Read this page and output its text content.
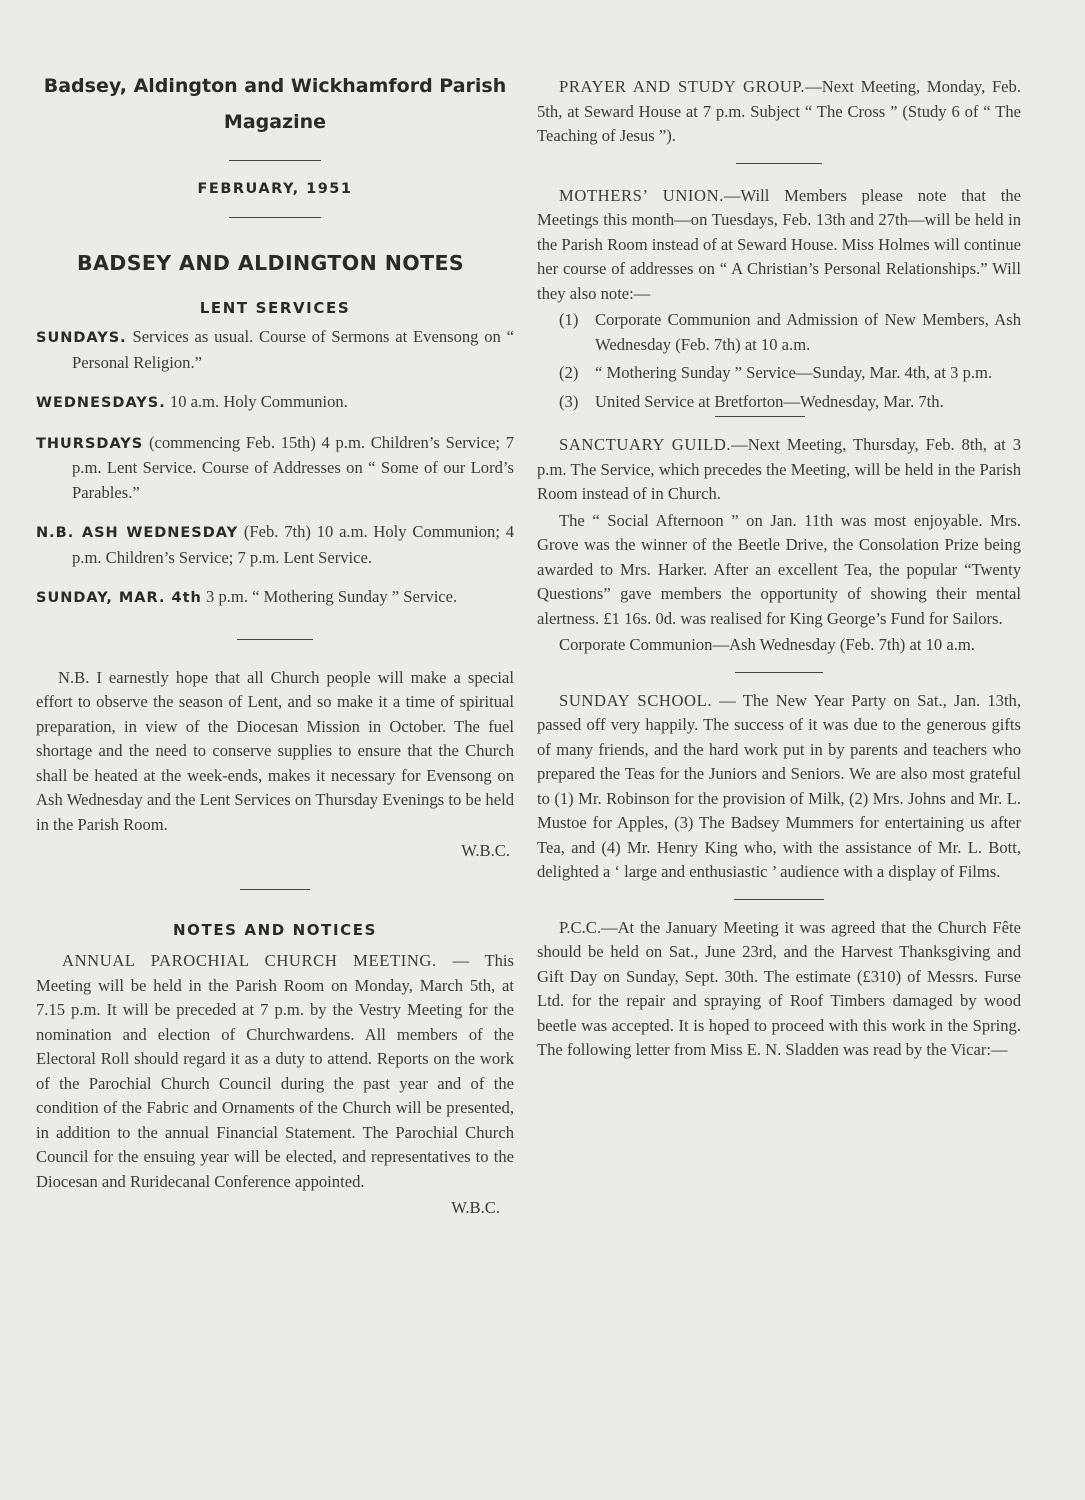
Badsey, Aldington and Wickhamford Parish
Magazine
FEBRUARY, 1951
BADSEY AND ALDINGTON NOTES
LENT SERVICES

SUNDAYS. Services as usual. Course of Sermons at Evensong on “ Personal Religion.”

WEDNESDAYS. 10 a.m. Holy Communion.

THURSDAYS (commencing Feb. 15th) 4 p.m. Children’s Service; 7 p.m. Lent Service. Course of Addresses on “ Some of our Lord’s Parables.”

N.B. ASH WEDNESDAY (Feb. 7th) 10 a.m. Holy Communion; 4 p.m. Children’s Service; 7 p.m. Lent Service.

SUNDAY, MAR. 4th 3 p.m. “ Mothering Sunday ” Service.

N.B. I earnestly hope that all Church people will make a special effort to observe the season of Lent, and so make it a time of spiritual preparation, in view of the Diocesan Mission in October. The fuel shortage and the need to conserve supplies to ensure that the Church shall be heated at the week-ends, makes it necessary for Evensong on Ash Wednesday and the Lent Services on Thursday Evenings to be held in the Parish Room.

W.B.C.

NOTES AND NOTICES

ANNUAL PAROCHIAL CHURCH MEETING. — This Meeting will be held in the Parish Room on Monday, March 5th, at 7.15 p.m. It will be preceded at 7 p.m. by the Vestry Meeting for the nomination and election of Churchwardens. All members of the Electoral Roll should regard it as a duty to attend. Reports on the work of the Parochial Church Council during the past year and of the condition of the Fabric and Ornaments of the Church will be presented, in addition to the annual Financial Statement. The Parochial Church Council for the ensuing year will be elected, and representatives to the Diocesan and Ruridecanal Conference appointed.

W.B.C.

PRAYER AND STUDY GROUP.—Next Meeting, Monday, Feb. 5th, at Seward House at 7 p.m. Subject “ The Cross ” (Study 6 of “ The Teaching of Jesus ”).

MOTHERS’ UNION.—Will Members please note that the Meetings this month—on Tuesdays, Feb. 13th and 27th—will be held in the Parish Room instead of at Seward House. Miss Holmes will continue her course of addresses on “ A Christian’s Personal Relationships.” Will they also note:—

(1) Corporate Communion and Admission of New Members, Ash Wednesday (Feb. 7th) at 10 a.m.

(2) “ Mothering Sunday ” Service—Sunday, Mar. 4th, at 3 p.m.

(3) United Service at Bretforton—Wednesday, Mar. 7th.

SANCTUARY GUILD.—Next Meeting, Thursday, Feb. 8th, at 3 p.m. The Service, which precedes the Meeting, will be held in the Parish Room instead of in Church.

The “ Social Afternoon ” on Jan. 11th was most enjoyable. Mrs. Grove was the winner of the Beetle Drive, the Consolation Prize being awarded to Mrs. Harker. After an excellent Tea, the popular “Twenty Questions” gave members the opportunity of showing their mental alertness. £1 16s. 0d. was realised for King George’s Fund for Sailors.

Corporate Communion—Ash Wednesday (Feb. 7th) at 10 a.m.

SUNDAY SCHOOL. — The New Year Party on Sat., Jan. 13th, passed off very happily. The success of it was due to the generous gifts of many friends, and the hard work put in by parents and teachers who prepared the Teas for the Juniors and Seniors. We are also most grateful to (1) Mr. Robinson for the provision of Milk, (2) Mrs. Johns and Mr. L. Mustoe for Apples, (3) The Badsey Mummers for entertaining us after Tea, and (4) Mr. Henry King who, with the assistance of Mr. L. Bott, delighted a ‘ large and enthusiastic ’ audience with a display of Films.

P.C.C.—At the January Meeting it was agreed that the Church Fête should be held on Sat., June 23rd, and the Harvest Thanksgiving and Gift Day on Sunday, Sept. 30th. The estimate (£310) of Messrs. Furse Ltd. for the repair and spraying of Roof Timbers damaged by wood beetle was accepted. It is hoped to proceed with this work in the Spring. The following letter from Miss E. N. Sladden was read by the Vicar:—
